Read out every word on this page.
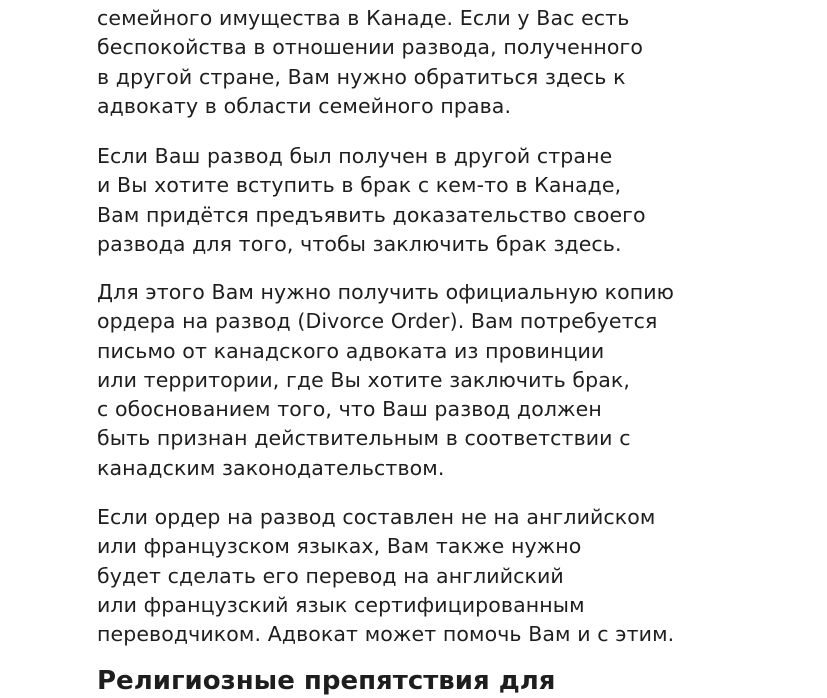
семейного имущества в Канаде. Если у Вас есть
беспокойства в отношении развода, полученного
в другой стране, Вам нужно обратиться здесь к
адвокату в области семейного права.

Если Ваш развод был получен в другой стране
и Вы хотите вступить в брак с кем-то в Канаде,
Вам придётся предъявить доказательство своего
развода для того, чтобы заключить брак здесь.

Для этого Вам нужно получить официальную копию
ордера на развод (Divorce Order). Вам потребуется
письмо от канадского адвоката из провинции
или территории, где Вы хотите заключить брак,
с обоснованием того, что Ваш развод должен
быть признан действительным в соответствии с
канадским законодательством.

Если ордер на развод составлен не на английском
или французском языках, Вам также нужно
будет сделать его перевод на английский
или французский язык сертифицированным
переводчиком. Адвокат может помочь Вам и с этим.

Религиозные препятствия для
